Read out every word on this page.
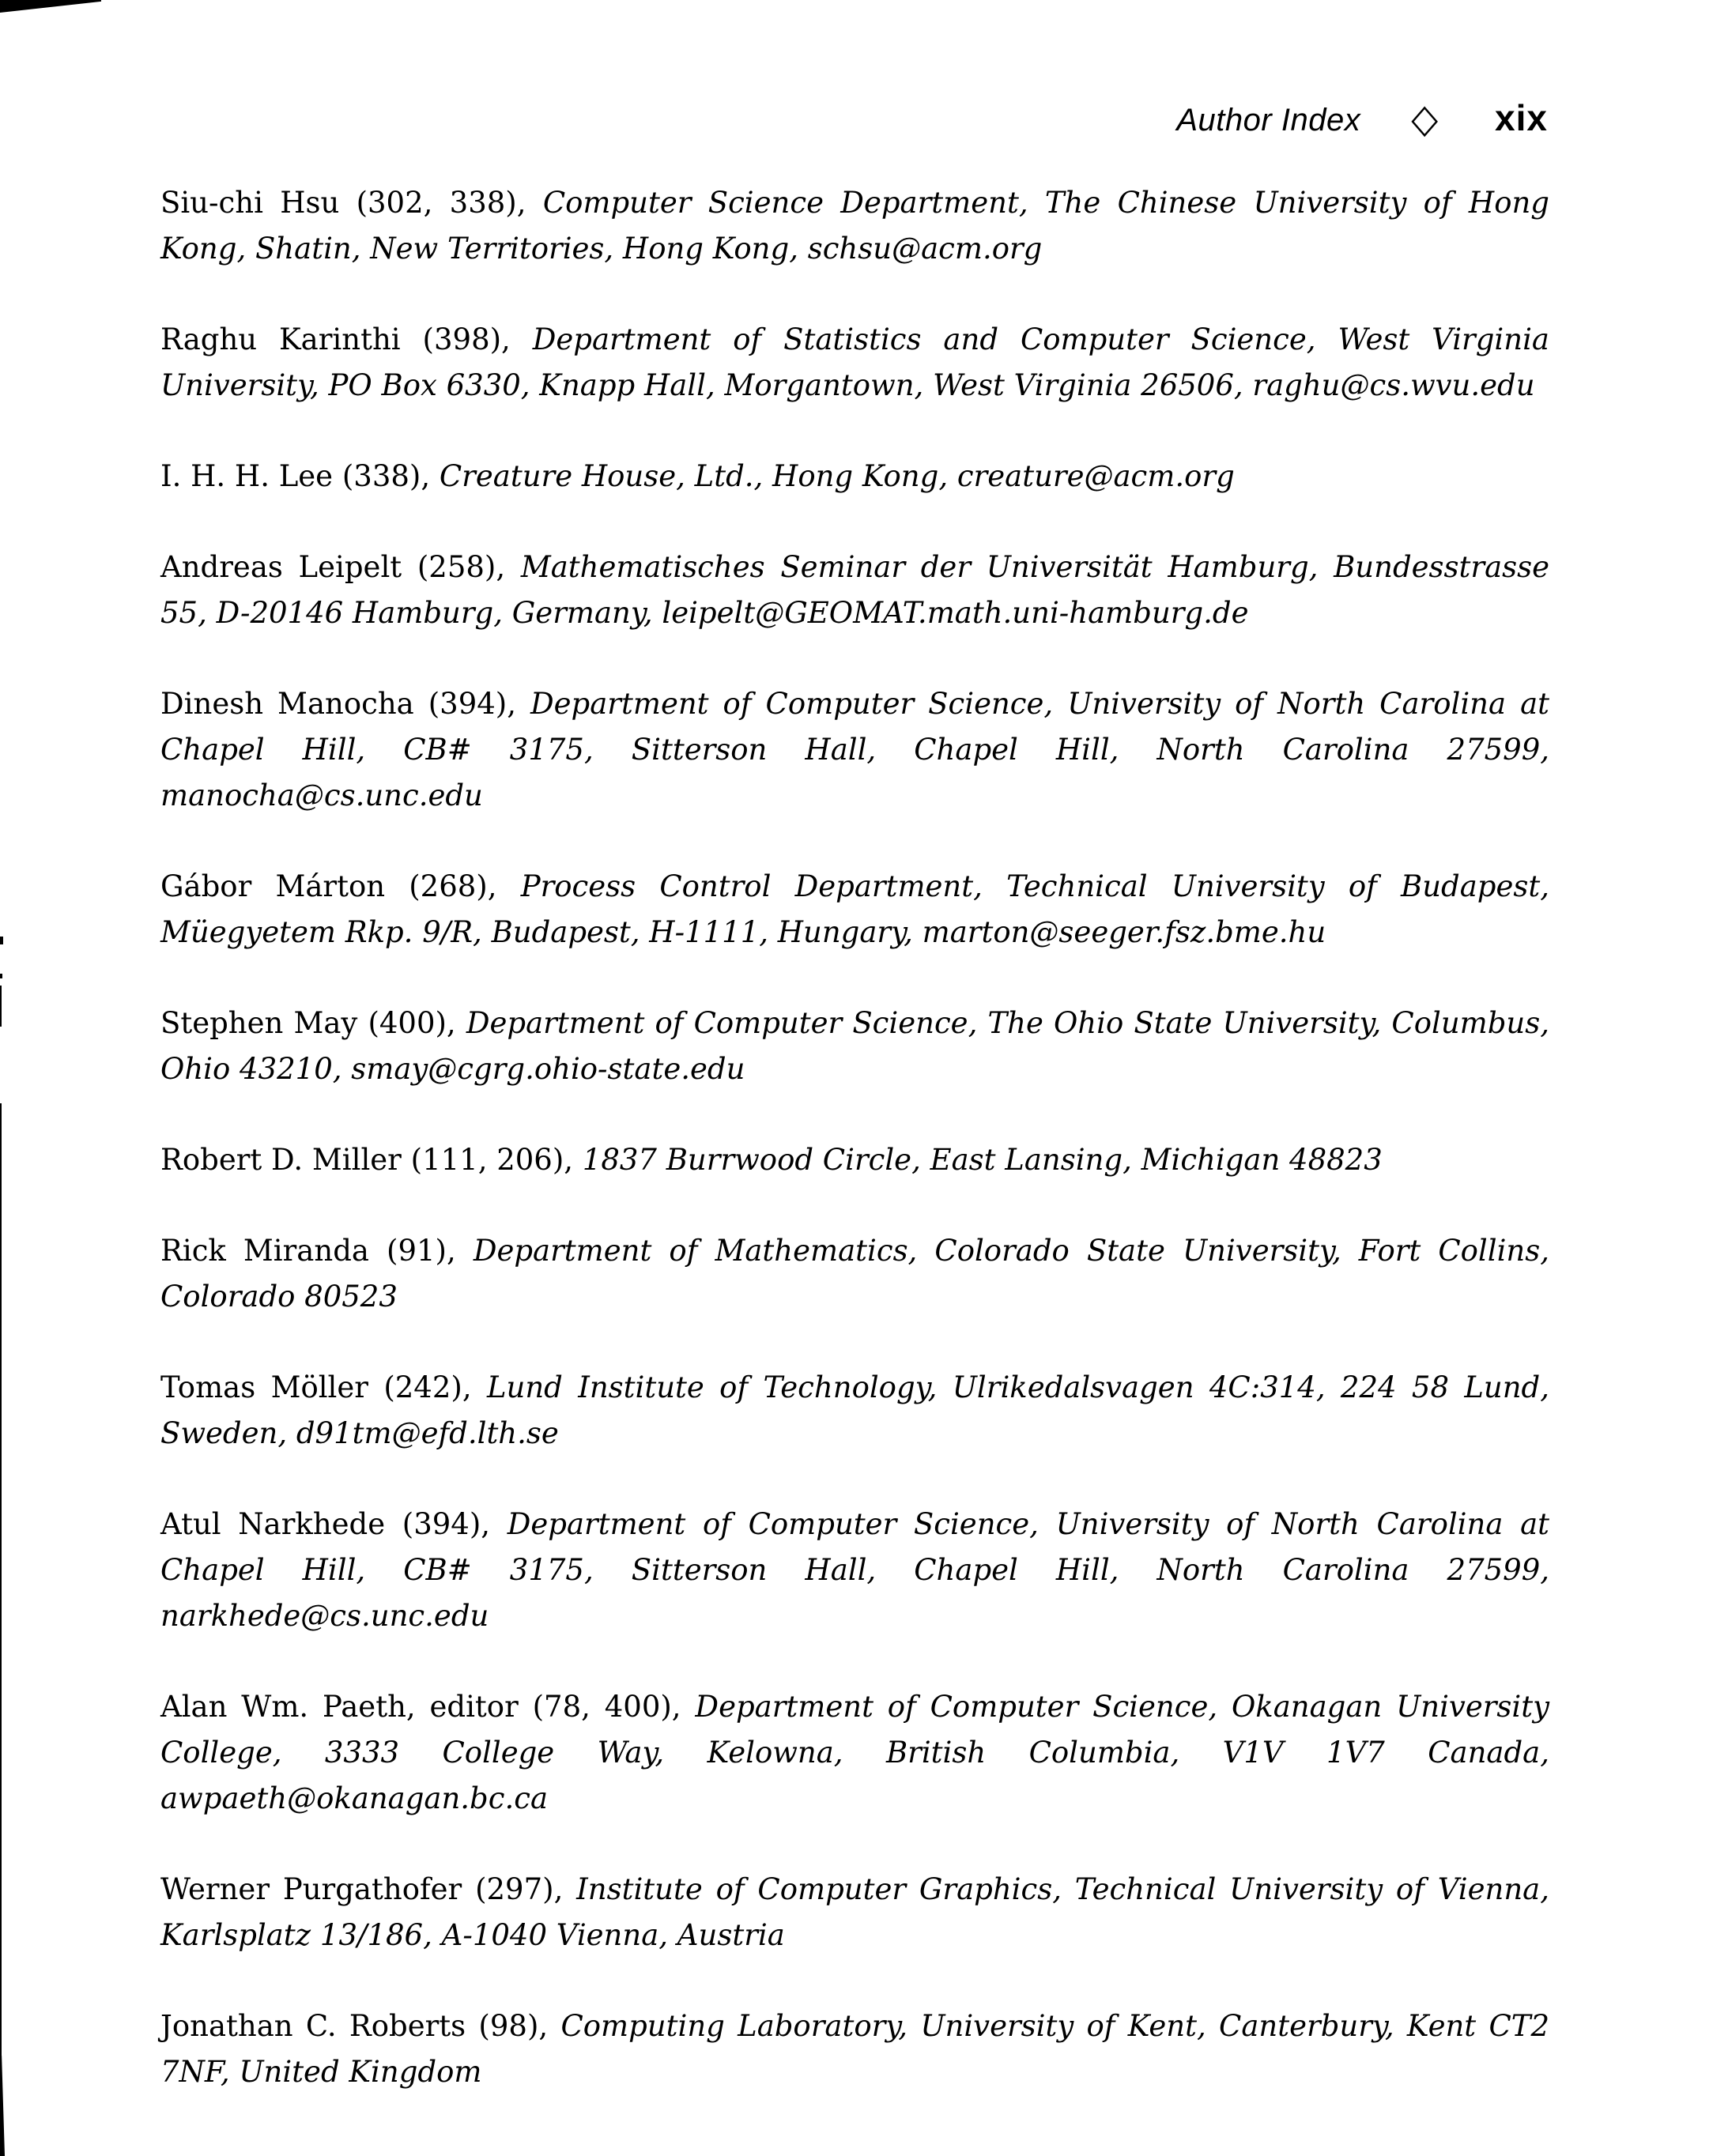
Author Index ◇ xix

Siu-chi Hsu (302, 338), Computer Science Department, The Chinese University of Hong Kong, Shatin, New Territories, Hong Kong, schsu@acm.org

Raghu Karinthi (398), Department of Statistics and Computer Science, West Virginia University, PO Box 6330, Knapp Hall, Morgantown, West Virginia 26506, raghu@cs.wvu.edu

I. H. H. Lee (338), Creature House, Ltd., Hong Kong, creature@acm.org

Andreas Leipelt (258), Mathematisches Seminar der Universität Hamburg, Bundesstrasse 55, D-20146 Hamburg, Germany, leipelt@GEOMAT.math.uni-hamburg.de

Dinesh Manocha (394), Department of Computer Science, University of North Carolina at Chapel Hill, CB# 3175, Sitterson Hall, Chapel Hill, North Carolina 27599, manocha@cs.unc.edu

Gábor Márton (268), Process Control Department, Technical University of Budapest, Müegyetem Rkp. 9/R, Budapest, H-1111, Hungary, marton@seeger.fsz.bme.hu

Stephen May (400), Department of Computer Science, The Ohio State University, Columbus, Ohio 43210, smay@cgrg.ohio-state.edu

Robert D. Miller (111, 206), 1837 Burrwood Circle, East Lansing, Michigan 48823

Rick Miranda (91), Department of Mathematics, Colorado State University, Fort Collins, Colorado 80523

Tomas Möller (242), Lund Institute of Technology, Ulrikedalsvagen 4C:314, 224 58 Lund, Sweden, d91tm@efd.lth.se

Atul Narkhede (394), Department of Computer Science, University of North Carolina at Chapel Hill, CB# 3175, Sitterson Hall, Chapel Hill, North Carolina 27599, narkhede@cs.unc.edu

Alan Wm. Paeth, editor (78, 400), Department of Computer Science, Okanagan University College, 3333 College Way, Kelowna, British Columbia, V1V 1V7 Canada, awpaeth@okanagan.bc.ca

Werner Purgathofer (297), Institute of Computer Graphics, Technical University of Vienna, Karlsplatz 13/186, A-1040 Vienna, Austria

Jonathan C. Roberts (98), Computing Laboratory, University of Kent, Canterbury, Kent CT2 7NF, United Kingdom
